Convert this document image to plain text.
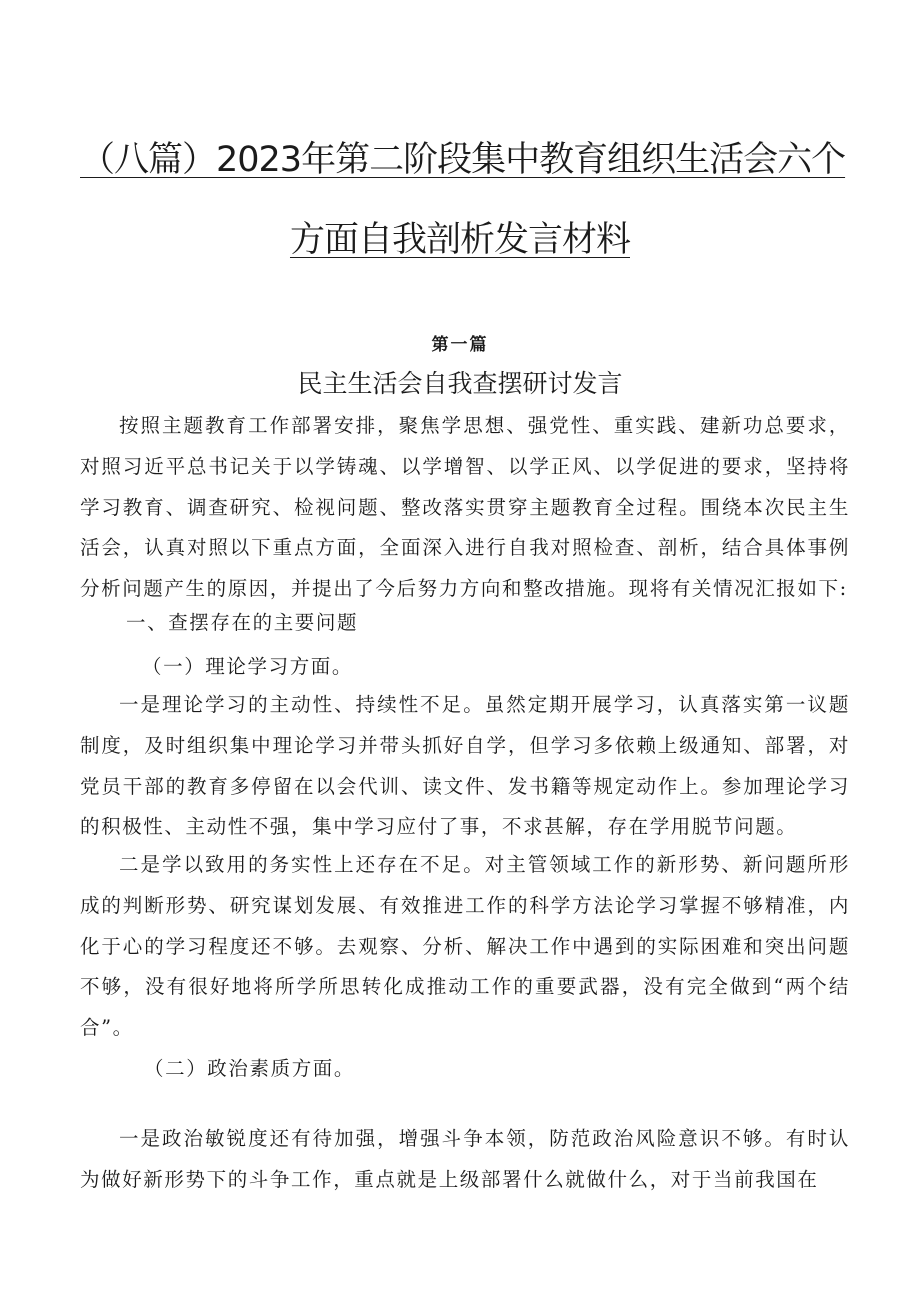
（八篇）2023年第二阶段集中教育组织生活会六个
方面自我剖析发言材料
第一篇
民主生活会自我查摆研讨发言
按照主题教育工作部署安排，聚焦学思想、强党性、重实践、建新功总要求，对照习近平总书记关于以学铸魂、以学增智、以学正风、以学促进的要求，坚持将学习教育、调查研究、检视问题、整改落实贯穿主题教育全过程。围绕本次民主生活会，认真对照以下重点方面，全面深入进行自我对照检查、剖析，结合具体事例分析问题产生的原因，并提出了今后努力方向和整改措施。现将有关情况汇报如下:
一、查摆存在的主要问题
（一）理论学习方面。
一是理论学习的主动性、持续性不足。虽然定期开展学习，认真落实第一议题制度，及时组织集中理论学习并带头抓好自学，但学习多依赖上级通知、部署，对党员干部的教育多停留在以会代训、读文件、发书籍等规定动作上。参加理论学习的积极性、主动性不强，集中学习应付了事，不求甚解，存在学用脱节问题。
二是学以致用的务实性上还存在不足。对主管领域工作的新形势、新问题所形成的判断形势、研究谋划发展、有效推进工作的科学方法论学习掌握不够精准，内化于心的学习程度还不够。去观察、分析、解决工作中遇到的实际困难和突出问题不够，没有很好地将所学所思转化成推动工作的重要武器，没有完全做到“两个结合”。
（二）政治素质方面。
一是政治敏锐度还有待加强，增强斗争本领，防范政治风险意识不够。有时认为做好新形势下的斗争工作，重点就是上级部署什么就做什么，对于当前我国在
